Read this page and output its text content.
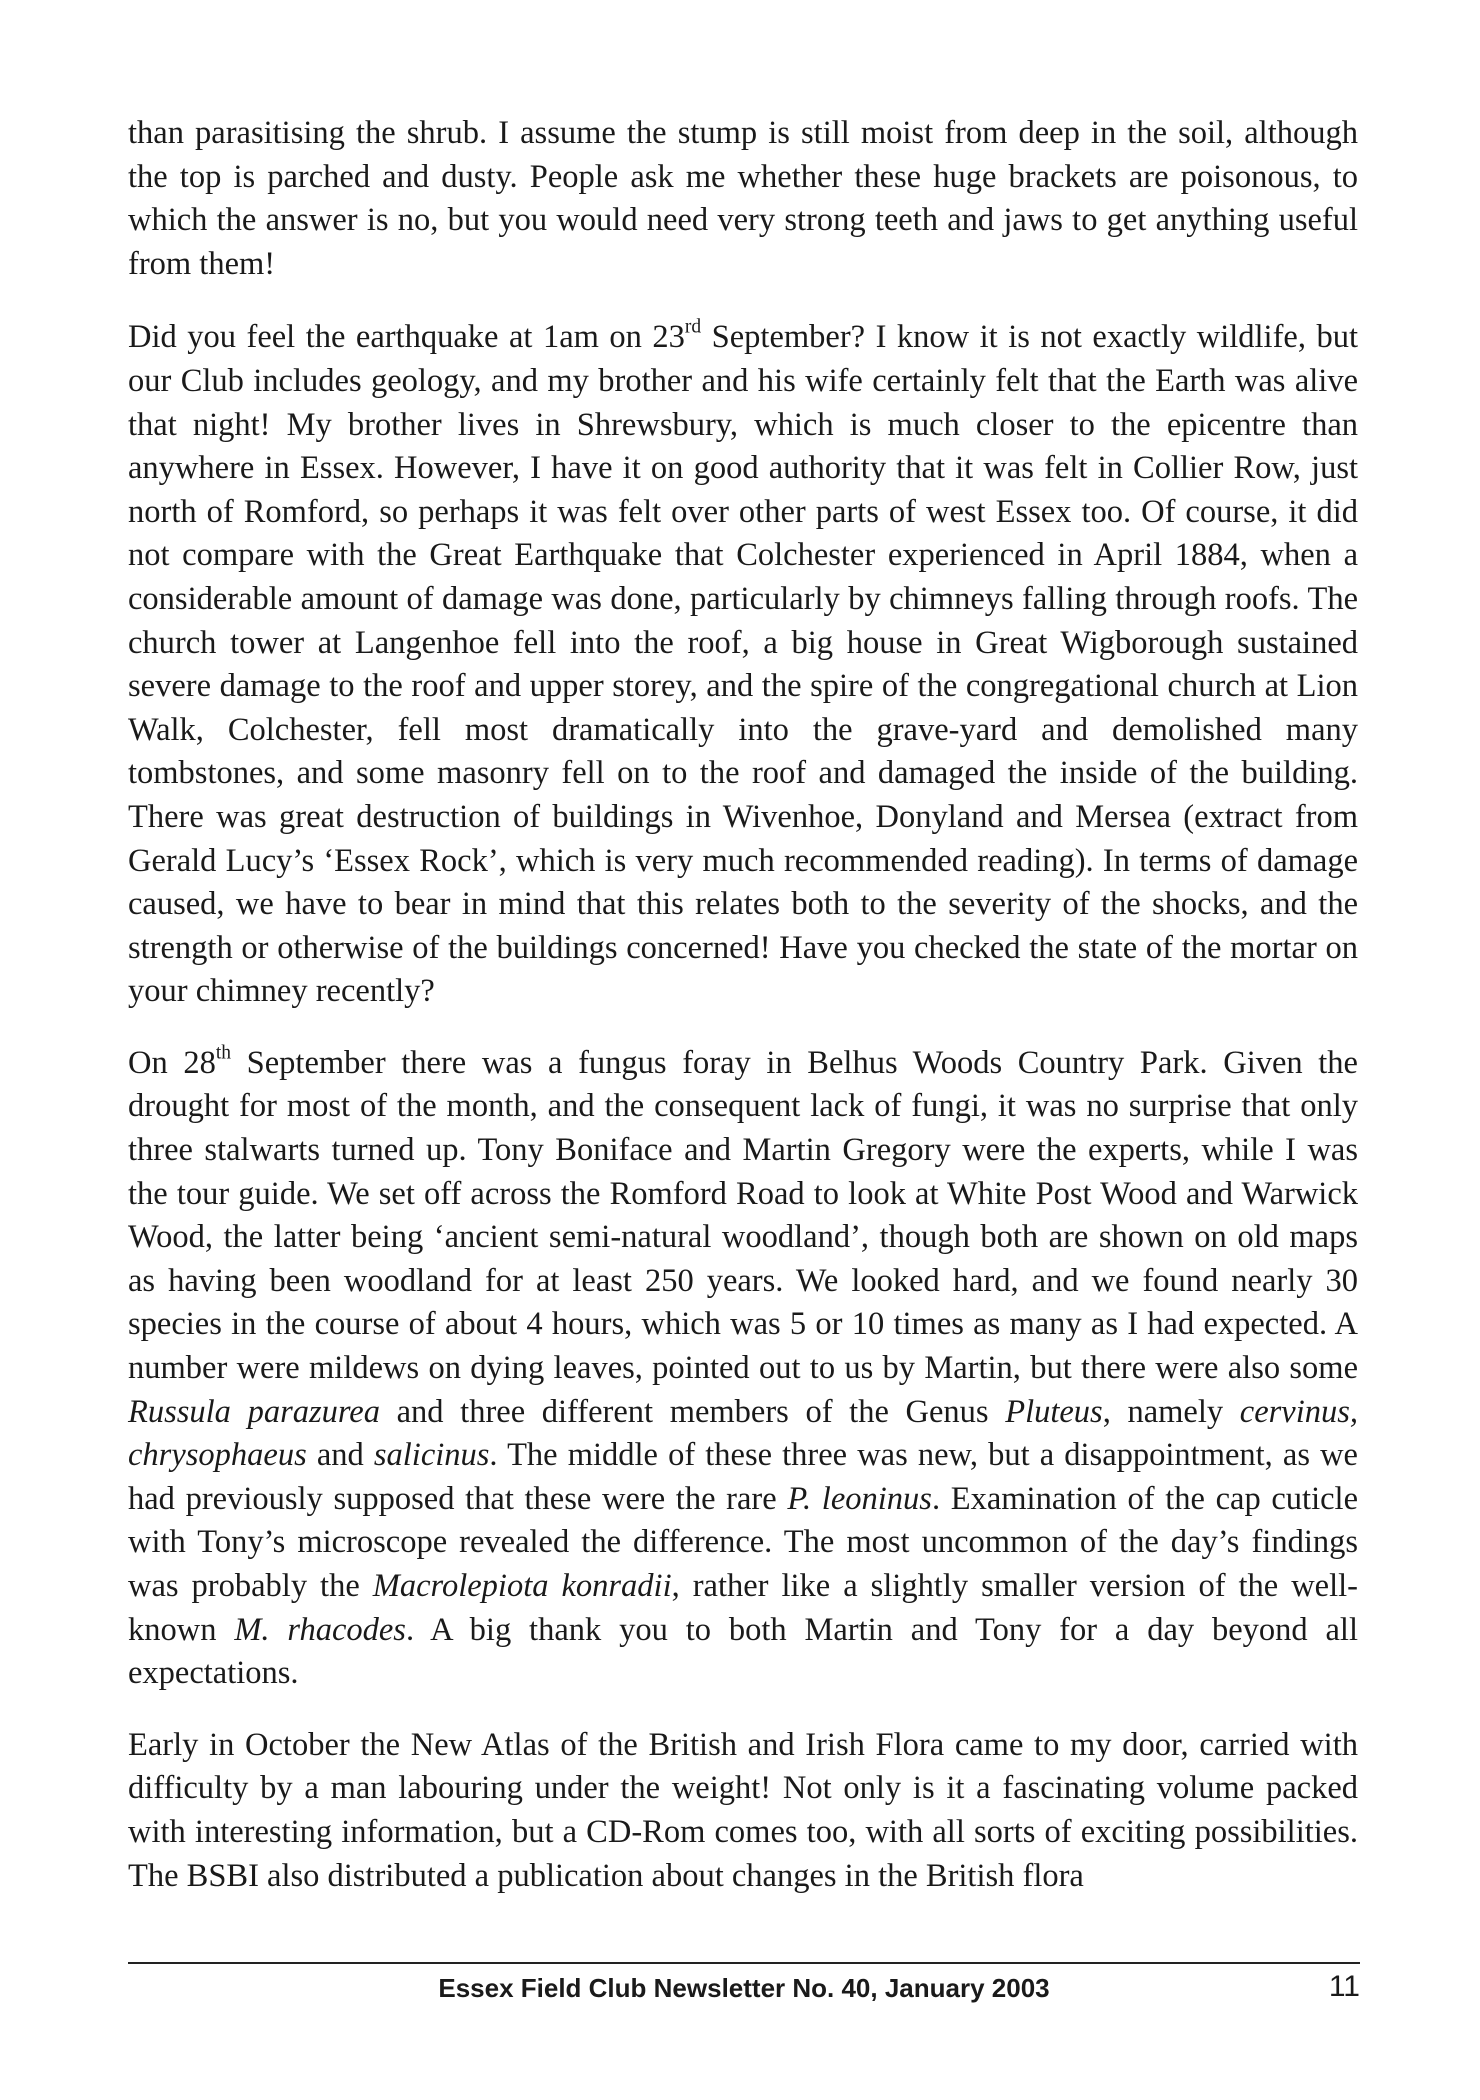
than parasitising the shrub. I assume the stump is still moist from deep in the soil, although the top is parched and dusty. People ask me whether these huge brackets are poisonous, to which the answer is no, but you would need very strong teeth and jaws to get anything useful from them!

Did you feel the earthquake at 1am on 23rd September? I know it is not exactly wildlife, but our Club includes geology, and my brother and his wife certainly felt that the Earth was alive that night! My brother lives in Shrewsbury, which is much closer to the epicentre than anywhere in Essex. However, I have it on good authority that it was felt in Collier Row, just north of Romford, so perhaps it was felt over other parts of west Essex too. Of course, it did not compare with the Great Earthquake that Colchester experienced in April 1884, when a considerable amount of damage was done, particularly by chimneys falling through roofs. The church tower at Langenhoe fell into the roof, a big house in Great Wigborough sustained severe damage to the roof and upper storey, and the spire of the congregational church at Lion Walk, Colchester, fell most dramatically into the grave-yard and demolished many tombstones, and some masonry fell on to the roof and damaged the inside of the building. There was great destruction of buildings in Wivenhoe, Donyland and Mersea (extract from Gerald Lucy’s ‘Essex Rock’, which is very much recommended reading). In terms of damage caused, we have to bear in mind that this relates both to the severity of the shocks, and the strength or otherwise of the buildings concerned! Have you checked the state of the mortar on your chimney recently?

On 28th September there was a fungus foray in Belhus Woods Country Park. Given the drought for most of the month, and the consequent lack of fungi, it was no surprise that only three stalwarts turned up. Tony Boniface and Martin Gregory were the experts, while I was the tour guide. We set off across the Romford Road to look at White Post Wood and Warwick Wood, the latter being ‘ancient semi-natural woodland’, though both are shown on old maps as having been woodland for at least 250 years. We looked hard, and we found nearly 30 species in the course of about 4 hours, which was 5 or 10 times as many as I had expected. A number were mildews on dying leaves, pointed out to us by Martin, but there were also some Russula parazurea and three different members of the Genus Pluteus, namely cervinus, chrysophaeus and salicinus. The middle of these three was new, but a disappointment, as we had previously supposed that these were the rare P. leoninus. Examination of the cap cuticle with Tony’s microscope revealed the difference. The most uncommon of the day’s findings was probably the Macrolepiota konradii, rather like a slightly smaller version of the well-known M. rhacodes. A big thank you to both Martin and Tony for a day beyond all expectations.

Early in October the New Atlas of the British and Irish Flora came to my door, carried with difficulty by a man labouring under the weight! Not only is it a fascinating volume packed with interesting information, but a CD-Rom comes too, with all sorts of exciting possibilities. The BSBI also distributed a publication about changes in the British flora

Essex Field Club Newsletter No. 40, January 2003	11
